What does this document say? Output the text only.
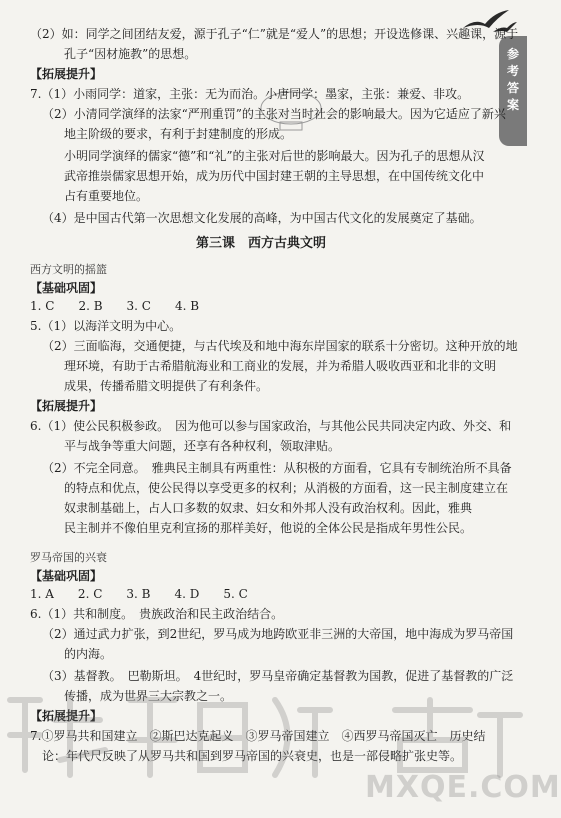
参考答案
（2）如：同学之间团结友爱，源于孔子“仁”就是“爱人”的思想；开设选修课、兴趣课，源于
孔子“因材施教”的思想。
【拓展提升】
7.（1）小雨同学：道家，主张：无为而治。小唐同学：墨家，主张：兼爱、非攻。
（2）小清同学演绎的法家“严刑重罚”的主张对当时社会的影响最大。因为它适应了新兴
地主阶级的要求，有利于封建制度的形成。
小明同学演绎的儒家“德”和“礼”的主张对后世的影响最大。因为孔子的思想从汉
武帝推崇儒家思想开始，成为历代中国封建王朝的主导思想，在中国传统文化中
占有重要地位。
（4）是中国古代第一次思想文化发展的高峰，为中国古代文化的发展奠定了基础。
第三课　西方古典文明
西方文明的摇篮
【基础巩固】
1. C　　2. B　　3. C　　4. B
5.（1）以海洋文明为中心。
（2）三面临海，交通便捷，与古代埃及和地中海东岸国家的联系十分密切。这种开放的地
理环境，有助于古希腊航海业和工商业的发展，并为希腊人吸收西亚和北非的文明
成果，传播希腊文明提供了有利条件。
【拓展提升】
6.（1）使公民积极参政。　因为他可以参与国家政治，与其他公民共同决定内政、外交、和
平与战争等重大问题，还享有各种权利，领取津贴。
（2）不完全同意。　雅典民主制具有两重性：从积极的方面看，它具有专制统治所不具备
的特点和优点，使公民得以享受更多的权利；从消极的方面看，这一民主制度建立在
奴隶制基础上，占人口多数的奴隶、妇女和外邦人没有政治权利。因此，雅典
民主制并不像伯里克利宣扬的那样美好，他说的全体公民是指成年男性公民。
罗马帝国的兴衰
【基础巩固】
1. A　　2. C　　3. B　　4. D　　5. C
6.（1）共和制度。　贵族政治和民主政治结合。
（2）通过武力扩张，到2世纪，罗马成为地跨欧亚非三洲的大帝国，地中海成为罗马帝国
的内海。
（3）基督教。　巴勒斯坦。　4世纪时，罗马皇帝确定基督教为国教，促进了基督教的广泛
传播，成为世界三大宗教之一。
【拓展提升】
7.①罗马共和国建立　②斯巴达克起义　③罗马帝国建立　④西罗马帝国灭亡　历史结
论：年代尺反映了从罗马共和国到罗马帝国的兴衰史，也是一部侵略扩张史等。
MXQE.COM
